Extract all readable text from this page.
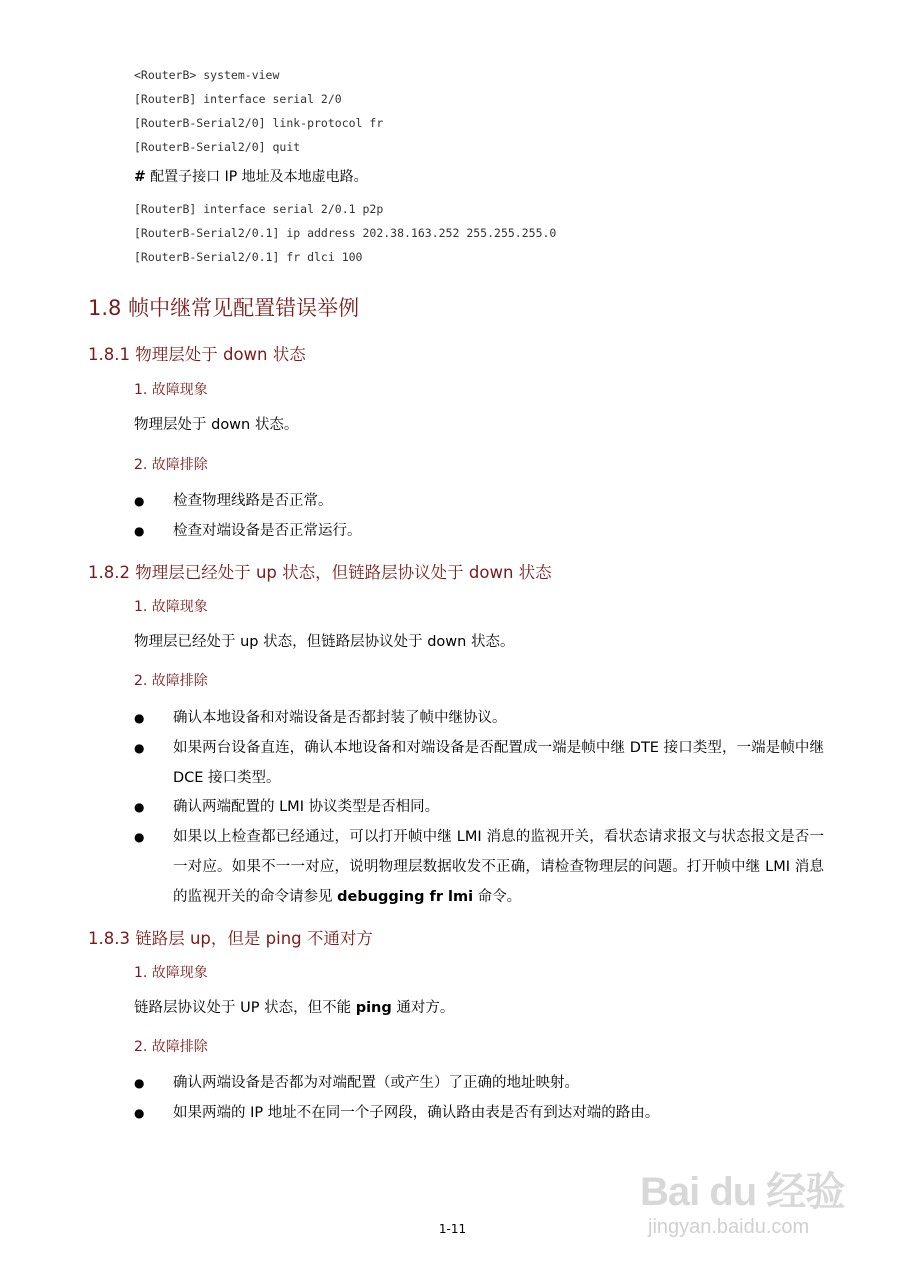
<RouterB> system-view
[RouterB] interface serial 2/0
[RouterB-Serial2/0] link-protocol fr
[RouterB-Serial2/0] quit
# 配置子接口 IP 地址及本地虚电路。
[RouterB] interface serial 2/0.1 p2p
[RouterB-Serial2/0.1] ip address 202.38.163.252 255.255.255.0
[RouterB-Serial2/0.1] fr dlci 100
1.8 帧中继常见配置错误举例
1.8.1 物理层处于 down 状态
1. 故障现象
物理层处于 down 状态。
2. 故障排除
● 检查物理线路是否正常。
● 检查对端设备是否正常运行。
1.8.2 物理层已经处于 up 状态，但链路层协议处于 down 状态
1. 故障现象
物理层已经处于 up 状态，但链路层协议处于 down 状态。
2. 故障排除
● 确认本地设备和对端设备是否都封装了帧中继协议。
● 如果两台设备直连，确认本地设备和对端设备是否配置成一端是帧中继 DTE 接口类型，一端是帧中继 DCE 接口类型。
● 确认两端配置的 LMI 协议类型是否相同。
● 如果以上检查都已经通过，可以打开帧中继 LMI 消息的监视开关，看状态请求报文与状态报文是否一一对应。如果不一一对应，说明物理层数据收发不正确，请检查物理层的问题。打开帧中继 LMI 消息的监视开关的命令请参见 debugging fr lmi 命令。
1.8.3 链路层 up，但是 ping 不通对方
1. 故障现象
链路层协议处于 UP 状态，但不能 ping 通对方。
2. 故障排除
● 确认两端设备是否都为对端配置（或产生）了正确的地址映射。
● 如果两端的 IP 地址不在同一个子网段，确认路由表是否有到达对端的路由。
1-11
Bai du 经验
jingyan.baidu.com
